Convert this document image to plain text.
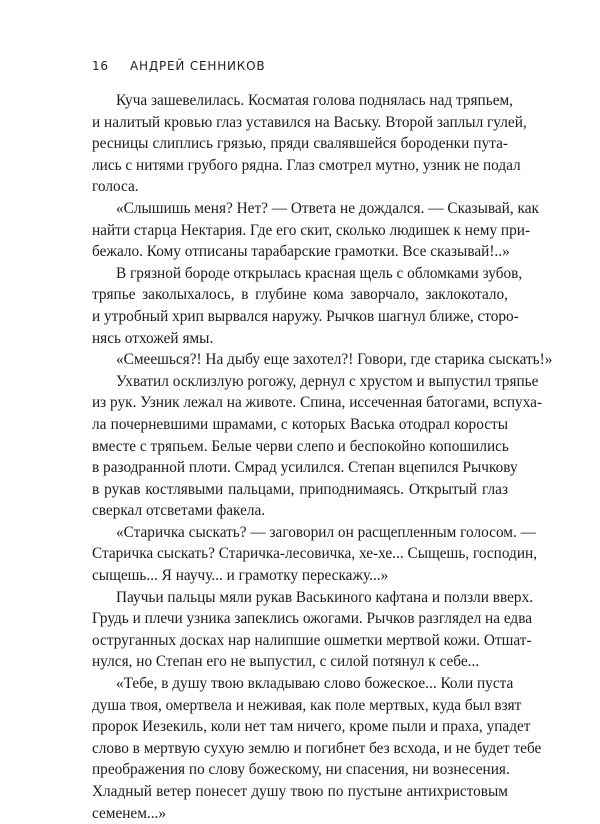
16 АНДРЕЙ СЕННИКОВ

Куча зашевелилась. Косматая голова поднялась над тряпьем,
и налитый кровью глаз уставился на Ваську. Второй заплыл гулей,
ресницы слиплись грязью, пряди свалявшейся бороденки пута-
лись с нитями грубого рядна. Глаз смотрел мутно, узник не подал
голоса.

«Слышишь меня? Нет? — Ответа не дождался. — Сказывай, как
найти старца Нектария. Где его скит, сколько людишек к нему при-
бежало. Кому отписаны тарабарские грамотки. Все сказывай!..»

В грязной бороде открылась красная щель с обломками зубов,
тряпье заколыхалось, в глубине кома заворчало, заклокотало,
и утробный хрип вырвался наружу. Рычков шагнул ближе, сторо-
нясь отхожей ямы.

«Смеешься?! На дыбу еще захотел?! Говори, где старика сыскать!»

Ухватил осклизлую рогожу, дернул с хрустом и выпустил тряпье
из рук. Узник лежал на животе. Спина, иссеченная батогами, вспуха-
ла почерневшими шрамами, с которых Васька отодрал коросты
вместе с тряпьем. Белые черви слепо и беспокойно копошились
в разодранной плоти. Смрад усилился. Степан вцепился Рычкову
в рукав костлявыми пальцами, приподнимаясь. Открытый глаз
сверкал отсветами факела.

«Старичка сыскать? — заговорил он расщепленным голосом. —
Старичка сыскать? Старичка-лесовичка, хе-хе... Сыщешь, господин,
сыщешь... Я научу... и грамотку перескажу...»

Паучьи пальцы мяли рукав Васькиного кафтана и ползли вверх.
Грудь и плечи узника запеклись ожогами. Рычков разглядел на едва
оструганных досках нар налипшие ошметки мертвой кожи. Отшат-
нулся, но Степан его не выпустил, с силой потянул к себе...

«Тебе, в душу твою вкладываю слово божеское... Коли пуста
душа твоя, омертвела и неживая, как поле мертвых, куда был взят
пророк Иезекиль, коли нет там ничего, кроме пыли и праха, упадет
слово в мертвую сухую землю и погибнет без всхода, и не будет тебе
преображения по слову божескому, ни спасения, ни вознесения.
Хладный ветер понесет душу твою по пустыне антихристовым
семенем...»
